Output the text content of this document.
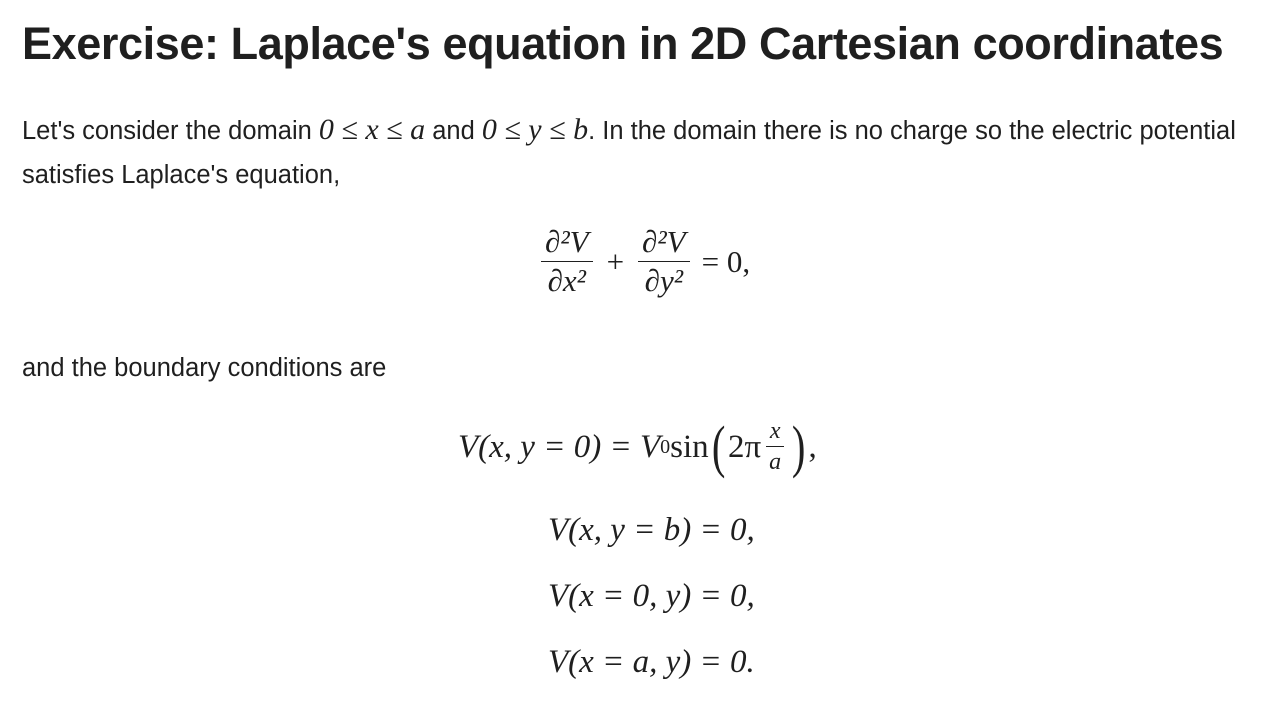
Exercise: Laplace's equation in 2D Cartesian coordinates
Let's consider the domain 0 ≤ x ≤ a and 0 ≤ y ≤ b. In the domain there is no charge so the electric potential satisfies Laplace's equation,
$\frac{\text{∂²V}}{\text{∂x²}} + \frac{\text{∂²V}}{\text{∂y²}} = 0$,
and the boundary conditions are
V(x, y = 0) = V 0 sin ( $2\pi \frac{x}{a}$ ) ,
V(x, y = b) = 0,
V(x = 0, y) = 0,
V(x = a, y) = 0.
